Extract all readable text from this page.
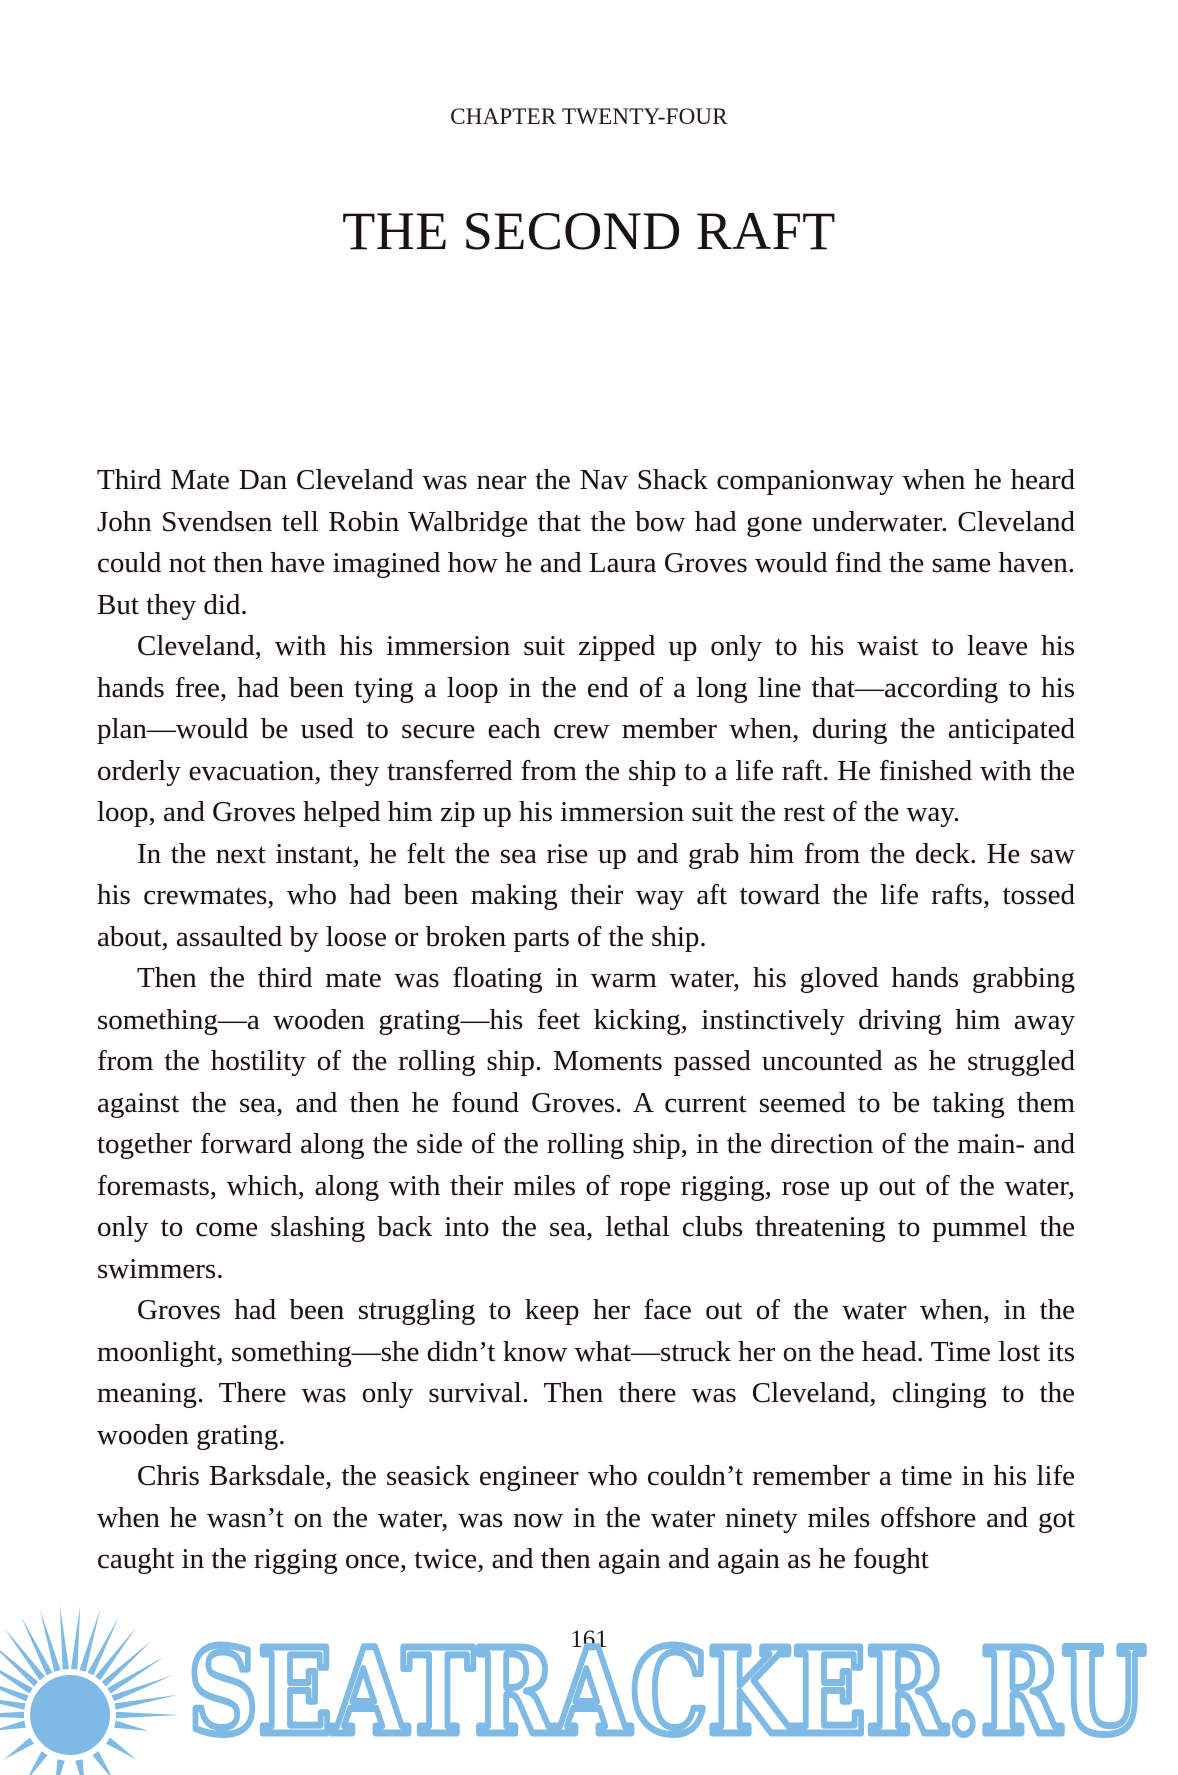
CHAPTER TWENTY-FOUR
THE SECOND RAFT

Third Mate Dan Cleveland was near the Nav Shack companionway when he heard John Svendsen tell Robin Walbridge that the bow had gone underwater. Cleveland could not then have imagined how he and Laura Groves would find the same haven. But they did.

Cleveland, with his immersion suit zipped up only to his waist to leave his hands free, had been tying a loop in the end of a long line that—according to his plan—would be used to secure each crew member when, during the anticipated orderly evacuation, they transferred from the ship to a life raft. He finished with the loop, and Groves helped him zip up his immersion suit the rest of the way.

In the next instant, he felt the sea rise up and grab him from the deck. He saw his crewmates, who had been making their way aft toward the life rafts, tossed about, assaulted by loose or broken parts of the ship.

Then the third mate was floating in warm water, his gloved hands grabbing something—a wooden grating—his feet kicking, instinctively driving him away from the hostility of the rolling ship. Moments passed uncounted as he struggled against the sea, and then he found Groves. A current seemed to be taking them together forward along the side of the rolling ship, in the direction of the main- and foremasts, which, along with their miles of rope rigging, rose up out of the water, only to come slashing back into the sea, lethal clubs threatening to pummel the swimmers.

Groves had been struggling to keep her face out of the water when, in the moonlight, something—she didn’t know what—struck her on the head. Time lost its meaning. There was only survival. Then there was Cleveland, clinging to the wooden grating.

Chris Barksdale, the seasick engineer who couldn’t remember a time in his life when he wasn’t on the water, was now in the water ninety miles offshore and got caught in the rigging once, twice, and then again and again as he fought

161
SEATRACKER.RU
